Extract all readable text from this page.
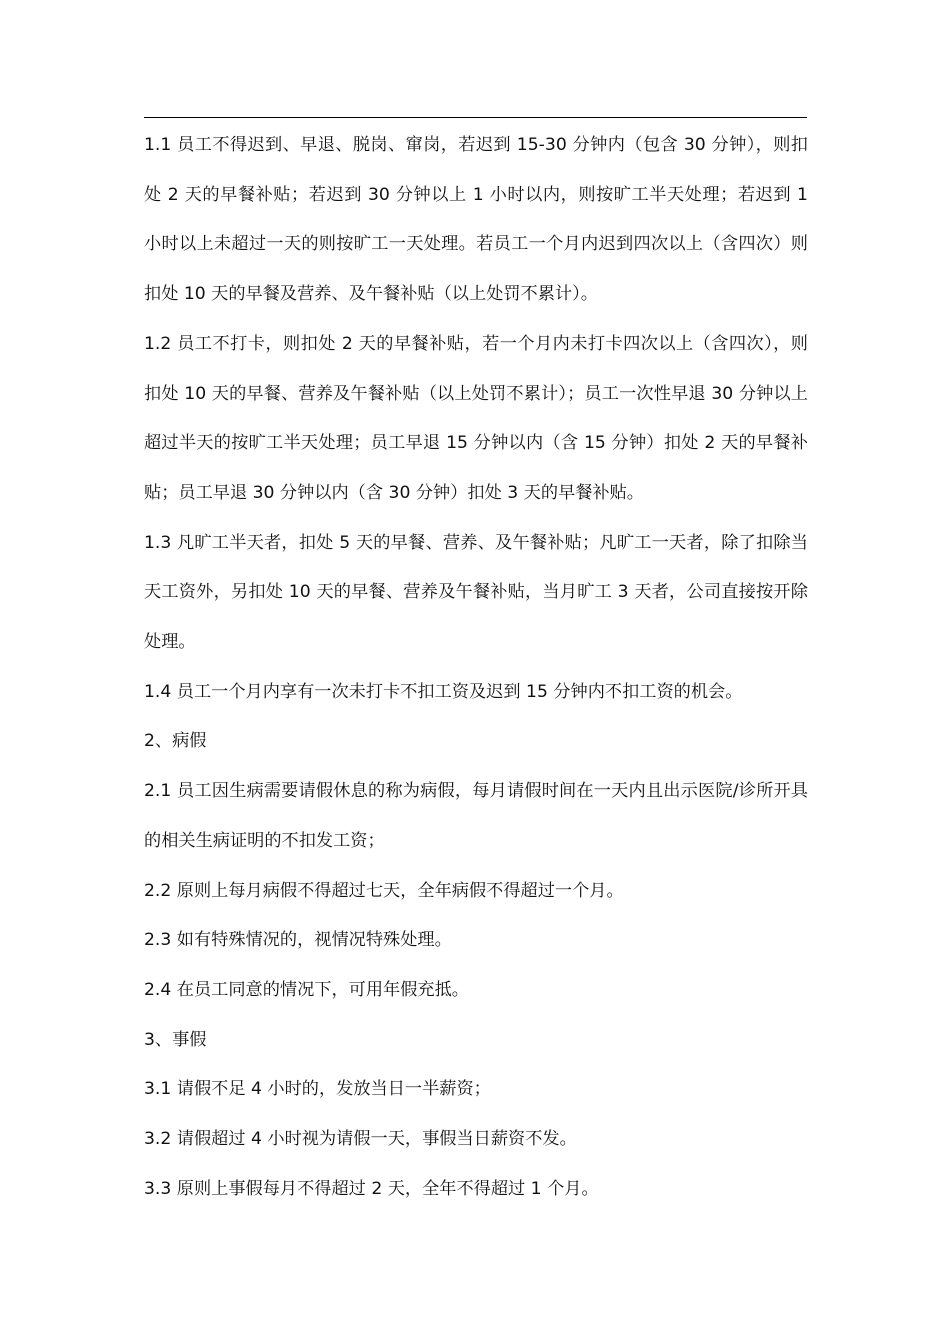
1.1 员工不得迟到、早退、脱岗、窜岗，若迟到 15-30 分钟内（包含 30 分钟），则扣处 2 天的早餐补贴；若迟到 30 分钟以上 1 小时以内，则按旷工半天处理；若迟到 1 小时以上未超过一天的则按旷工一天处理。若员工一个月内迟到四次以上（含四次）则扣处 10 天的早餐及营养、及午餐补贴（以上处罚不累计）。

1.2 员工不打卡，则扣处 2 天的早餐补贴，若一个月内未打卡四次以上（含四次），则扣处 10 天的早餐、营养及午餐补贴（以上处罚不累计）；员工一次性早退 30 分钟以上超过半天的按旷工半天处理；员工早退 15 分钟以内（含 15 分钟）扣处 2 天的早餐补贴；员工早退 30 分钟以内（含 30 分钟）扣处 3 天的早餐补贴。

1.3 凡旷工半天者，扣处 5 天的早餐、营养、及午餐补贴；凡旷工一天者，除了扣除当天工资外，另扣处 10 天的早餐、营养及午餐补贴，当月旷工 3 天者，公司直接按开除处理。

1.4 员工一个月内享有一次未打卡不扣工资及迟到 15 分钟内不扣工资的机会。

2、病假

2.1 员工因生病需要请假休息的称为病假，每月请假时间在一天内且出示医院/诊所开具的相关生病证明的不扣发工资；

2.2 原则上每月病假不得超过七天，全年病假不得超过一个月。

2.3 如有特殊情况的，视情况特殊处理。

2.4 在员工同意的情况下，可用年假充抵。

3、事假

3.1 请假不足 4 小时的，发放当日一半薪资；

3.2 请假超过 4 小时视为请假一天，事假当日薪资不发。

3.3 原则上事假每月不得超过 2 天，全年不得超过 1 个月。
